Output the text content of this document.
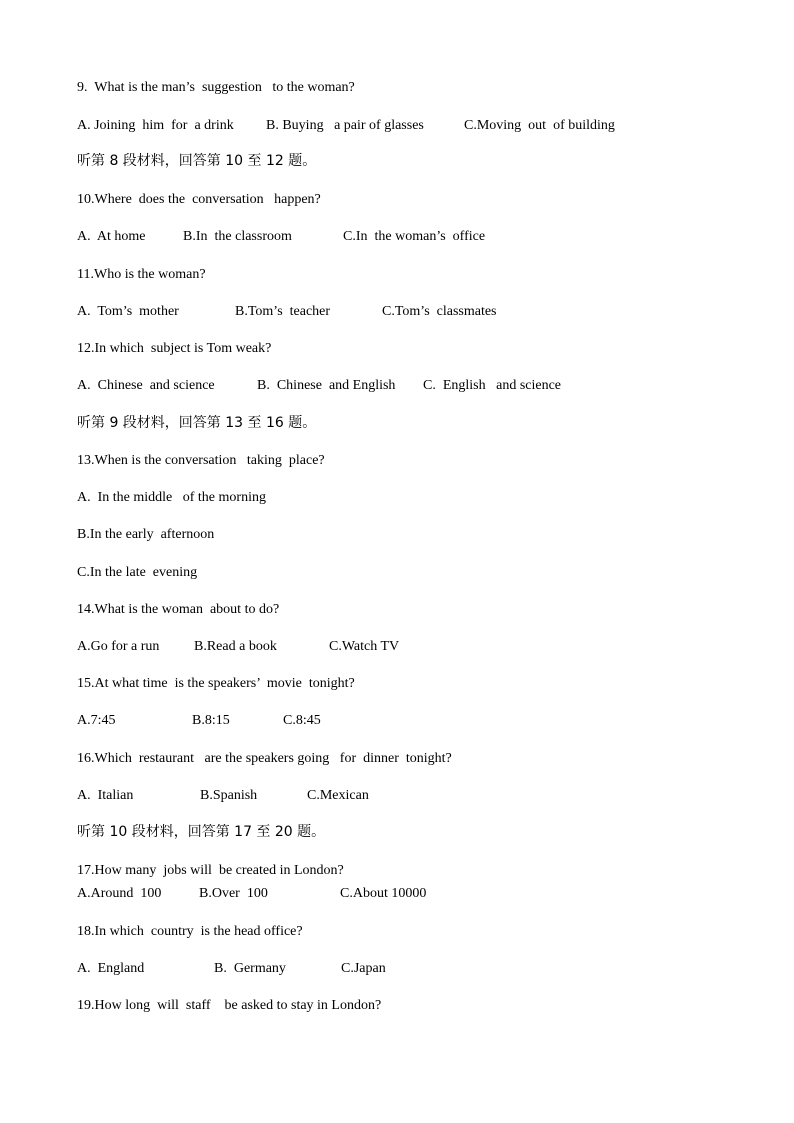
9.  What is the man’s  suggestion   to the woman?
A. Joining  him  for  a drink B. Buying   a pair of glasses	C.Moving  out  of building
听第 8 段材料，回答第 10 至 12 题。
10.Where  does the  conversation   happen?
A.  At home	B.In  the classroom	C.In  the woman’s  office
11.Who is the woman?
A.  Tom’s  mother	B.Tom’s  teacher	C.Tom’s  classmates
12.In which  subject is Tom weak?
A.  Chinese  and science	B.  Chinese  and English C.  English   and science
听第 9 段材料，回答第 13 至 16 题。
13.When is the conversation   taking  place?
A.  In the middle   of the morning
B.In the early  afternoon
C.In the late  evening
14.What is the woman  about to do?
A.Go for a run B.Read a book	C.Watch TV
15.At what time  is the speakers’  movie  tonight?
A.7:45	B.8:15	C.8:45
16.Which  restaurant   are the speakers going   for  dinner  tonight?
A.  Italian	B.Spanish	C.Mexican
听第 10 段材料，回答第 17 至 20 题。
17.How many  jobs will  be created in London?
A.Around  100	B.Over  100	C.About 10000
18.In which  country  is the head office?
A.  England	B.  Germany	C.Japan
19.How long  will  staff    be asked to stay in London?
